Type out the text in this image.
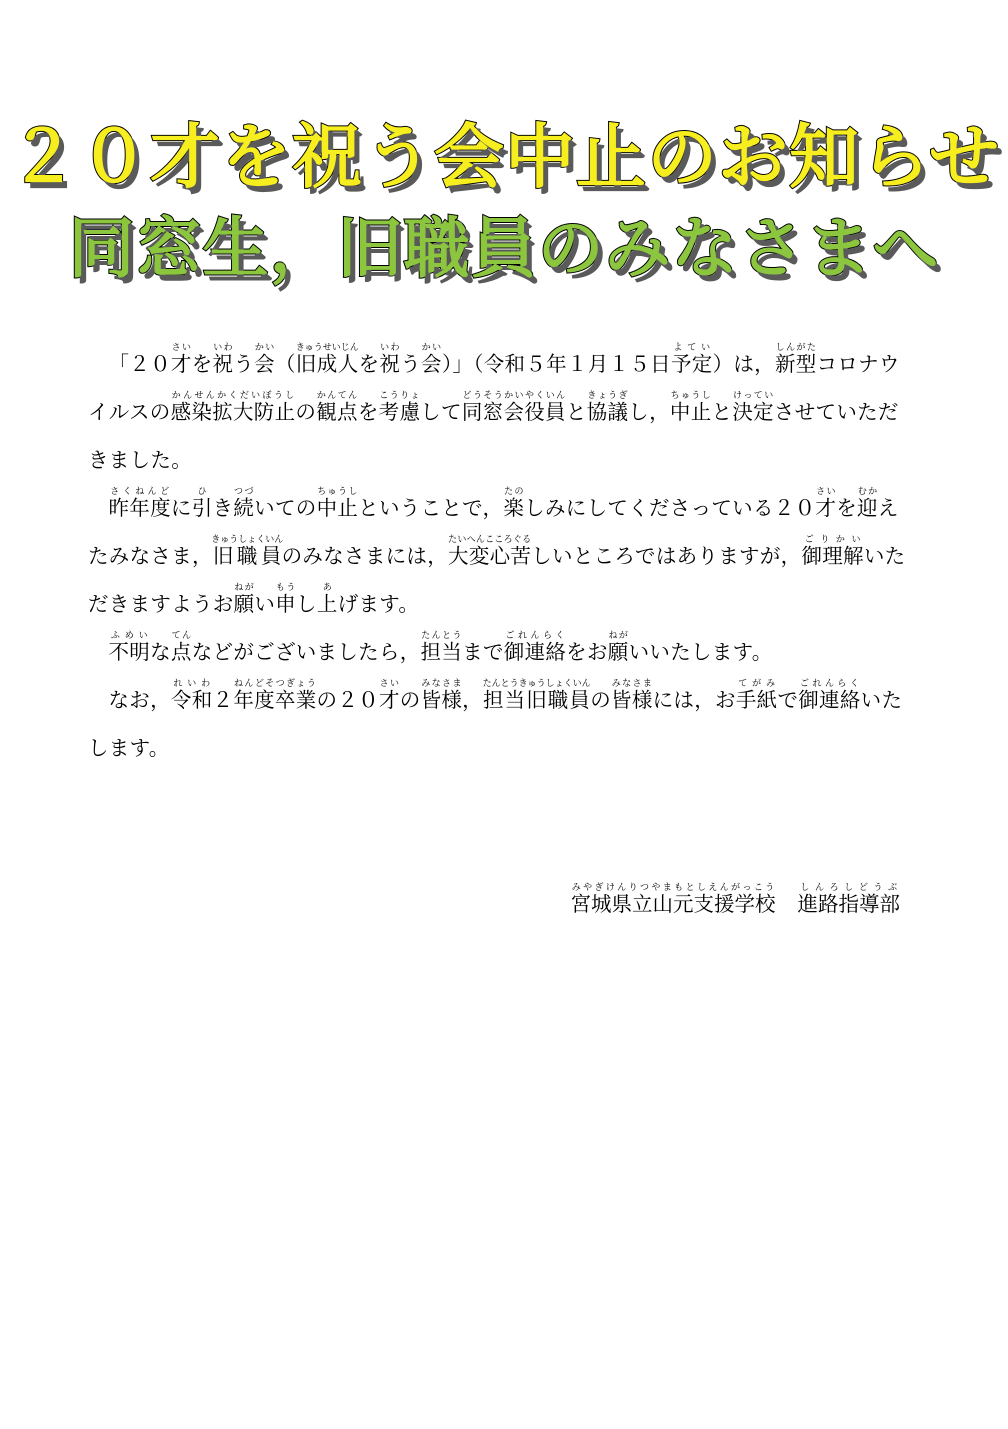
２０才を祝う会中止のお知らせ
同窓生，旧職員のみなさまへ

「２０才さいを祝いわう会かい（旧成人きゅうせいじんを祝いわう会かい）」（令和５年１月１５日予定よてい）は，新型しんがたコロナウイルスの感染拡大防止かんせんかくだいぼうしの観点かんてんを考慮こうりょして同窓会役員どうそうかいやくいんと協議きょうぎし，中止ちゅうしと決定けっていさせていただきました。

昨年度さくねんどに引ひき続つづいての中止ちゅうしということで，楽たのしみにしてくださっている２０才さいを迎むかえたみなさま，旧職員きゅうしょくいんのみなさまには，大変心苦たいへんこころぐるしいところではありますが，御理解ごりかいいただきますようお願ねがい申もうし上あげます。

不明ふめいな点てんなどがございましたら，担当たんとうまで御連絡ごれんらくをお願ねがいいたします。

なお，令和れいわ２年度卒業ねんどそつぎょうの２０才さいの皆様みなさま，担当旧職員たんとうきゅうしょくいんの皆様みなさまには，お手紙てがみで御連絡ごれんらくいたします。

宮城県立山元支援学校みやぎけんりつやまもとしえんがっこう進路指導部しんろしどうぶ
